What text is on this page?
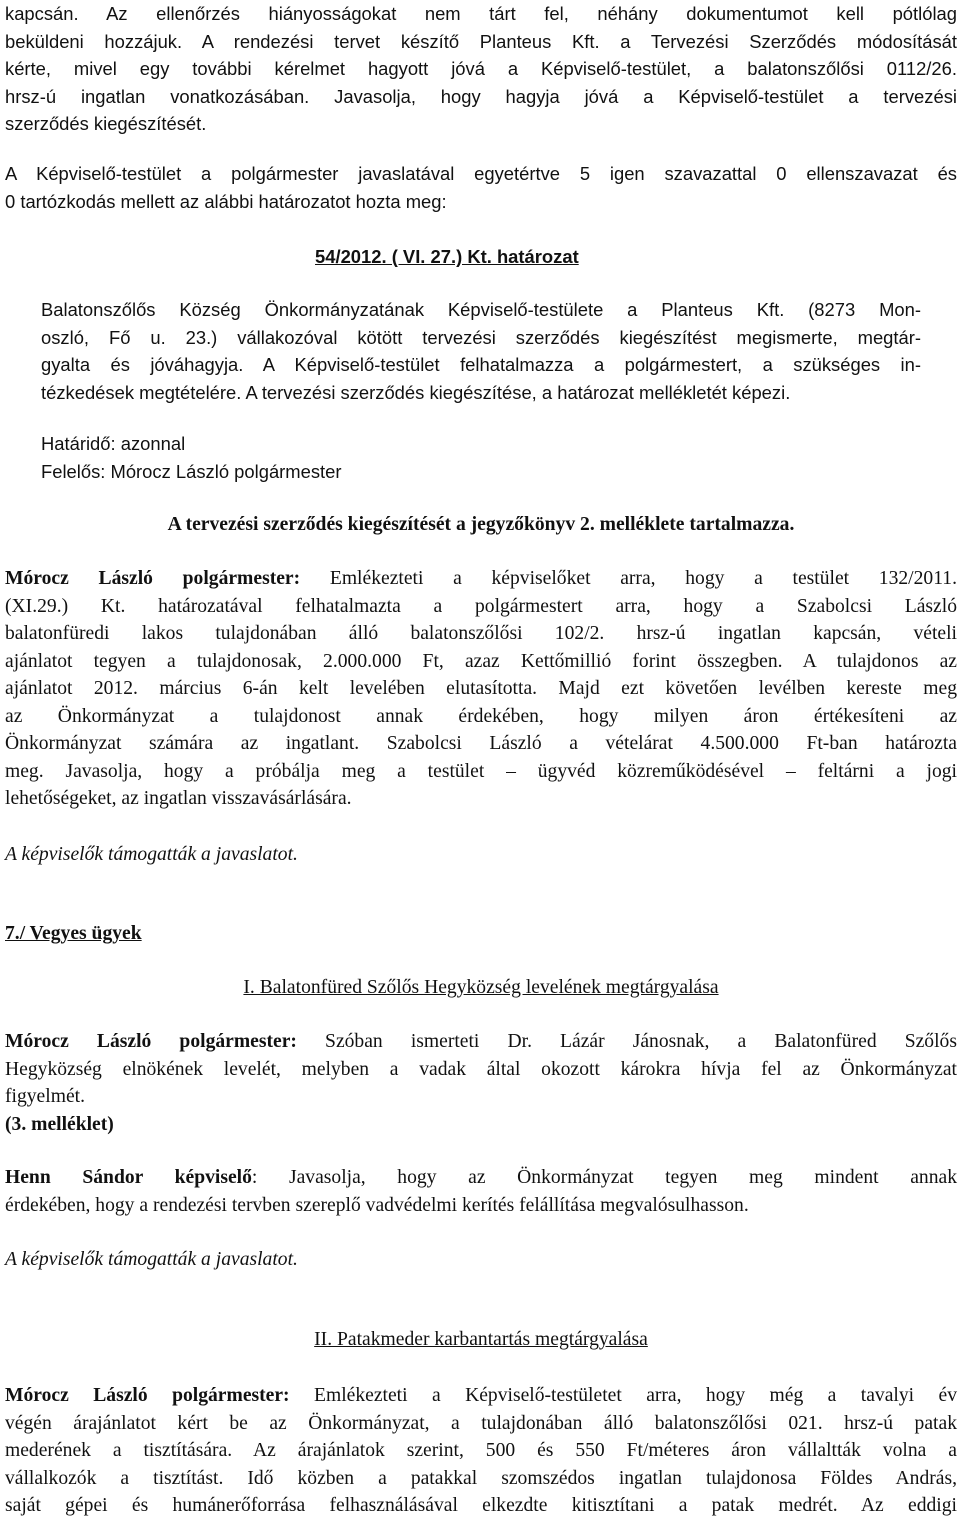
kapcsán. Az ellenőrzés hiányosságokat nem tárt fel, néhány dokumentumot kell pótlólag
beküldeni hozzájuk. A rendezési tervet készítő Planteus Kft. a Tervezési Szerződés módosítását
kérte, mivel egy további kérelmet hagyott jóvá a Képviselő-testület, a balatonszőlősi 0112/26.
hrsz-ú ingatlan vonatkozásában. Javasolja, hogy hagyja jóvá a Képviselő-testület a tervezési
szerződés kiegészítését.
A Képviselő-testület a polgármester javaslatával egyetértve 5 igen szavazattal 0 ellenszavazat és
0 tartózkodás mellett az alábbi határozatot hozta meg:
54/2012. ( VI. 27.) Kt. határozat
Balatonszőlős Község Önkormányzatának Képviselő-testülete a Planteus Kft. (8273 Mon-
oszló, Fő u. 23.) vállakozóval kötött tervezési szerződés kiegészítést megismerte, megtár-
gyalta és jóváhagyja. A Képviselő-testület felhatalmazza a polgármestert, a szükséges in-
tézkedések megtételére. A tervezési szerződés kiegészítése, a határozat mellékletét képezi.
Határidő: azonnal
Felelős: Mórocz László polgármester
A tervezési szerződés kiegészítését a jegyzőkönyv 2. melléklete tartalmazza.
Mórocz László polgármester: Emlékezteti a képviselőket arra, hogy a testület 132/2011.
(XI.29.) Kt. határozatával felhatalmazta a polgármestert arra, hogy a Szabolcsi László
balatonfüredi lakos tulajdonában álló balatonszőlősi 102/2. hrsz-ú ingatlan kapcsán, vételi
ajánlatot tegyen a tulajdonosak, 2.000.000 Ft, azaz Kettőmillió forint összegben. A tulajdonos az
ajánlatot 2012. március 6-án kelt levelében elutasította. Majd ezt követően levélben kereste meg
az Önkormányzat a tulajdonost annak érdekében, hogy milyen áron értékesíteni az
Önkormányzat számára az ingatlant. Szabolcsi László a vételárat 4.500.000 Ft-ban határozta
meg. Javasolja, hogy a próbálja meg a testület – ügyvéd közreműködésével – feltárni a jogi
lehetőségeket, az ingatlan visszavásárlására.
A képviselők támogatták a javaslatot.
7./ Vegyes ügyek
I. Balatonfüred Szőlős Hegyközség levelének megtárgyalása
Mórocz László polgármester: Szóban ismerteti Dr. Lázár Jánosnak, a Balatonfüred Szőlős
Hegyközség elnökének levelét, melyben a vadak által okozott károkra hívja fel az Önkormányzat
figyelmét.
(3. melléklet)
Henn Sándor képviselő: Javasolja, hogy az Önkormányzat tegyen meg mindent annak
érdekében, hogy a rendezési tervben szereplő vadvédelmi kerítés felállítása megvalósulhasson.
A képviselők támogatták a javaslatot.
II. Patakmeder karbantartás megtárgyalása
Mórocz László polgármester: Emlékezteti a Képviselő-testületet arra, hogy még a tavalyi év
végén árajánlatot kért be az Önkormányzat, a tulajdonában álló balatonszőlősi 021. hrsz-ú patak
mederének a tisztítására. Az árajánlatok szerint, 500 és 550 Ft/méteres áron vállaltták volna a
vállalkozók a tisztítást. Idő közben a patakkal szomszédos ingatlan tulajdonosa Földes András,
saját gépei és humánerőforrása felhasználásával elkezdte kitisztítani a patak medrét. Az eddigi
